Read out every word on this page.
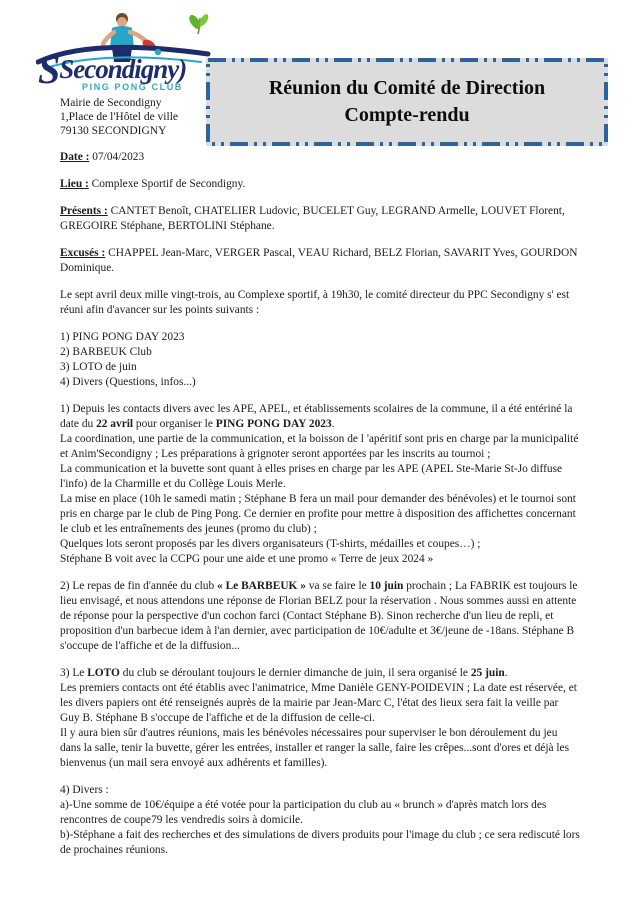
SSecondigny)
PING PONG CLUB
Mairie de Secondigny
1,Place de l'Hôtel de ville
79130 SECONDIGNY
Réunion du Comité de Direction
Compte-rendu

Date : 07/04/2023

Lieu : Complexe Sportif de Secondigny.

Présents : CANTET Benoît, CHATELIER Ludovic, BUCELET Guy, LEGRAND Armelle, LOUVET Florent, GREGOIRE Stéphane, BERTOLINI Stéphane.

Excusés : CHAPPEL Jean-Marc, VERGER Pascal, VEAU Richard, BELZ Florian, SAVARIT Yves, GOURDON Dominique.

Le sept avril deux mille vingt-trois, au Complexe sportif, à 19h30, le comité directeur du PPC Secondigny s' est réuni afin d'avancer sur les points suivants :

1) PING PONG DAY 2023

2) BARBEUK Club

3) LOTO de juin

4) Divers (Questions, infos...)

1) Depuis les contacts divers avec les APE, APEL, et établissements scolaires de la commune, il a été entériné la date du 22 avril pour organiser le PING PONG DAY 2023.

La coordination, une partie de la communication, et la boisson de l 'apéritif sont pris en charge par la municipalité et Anim'Secondigny ; Les préparations à grignoter seront apportées par les inscrits au tournoi ;

La communication et la buvette sont quant à elles prises en charge par les APE (APEL Ste-Marie St-Jo diffuse l'info) de la Charmille et du Collège Louis Merle.

La mise en place (10h le samedi matin ; Stéphane B fera un mail pour demander des bénévoles) et le tournoi sont pris en charge par le club de Ping Pong. Ce dernier en profite pour mettre à disposition des affichettes concernant le club et les entraînements des jeunes (promo du club) ;

Quelques lots seront proposés par les divers organisateurs (T-shirts, médailles et coupes…) ;

Stéphane B voit avec la CCPG pour une aide et une promo « Terre de jeux 2024 »

2) Le repas de fin d'année du club « Le BARBEUK » va se faire le 10 juin prochain ; La FABRIK est toujours le lieu envisagé, et nous attendons une réponse de Florian BELZ pour la réservation . Nous sommes aussi en attente de réponse pour la perspective d'un cochon farci (Contact Stéphane B). Sinon recherche d'un lieu de repli, et proposition d'un barbecue idem à l'an dernier, avec participation de 10€/adulte et 3€/jeune de -18ans. Stéphane B s'occupe de l'affiche et de la diffusion...

3) Le LOTO du club se déroulant toujours le dernier dimanche de juin, il sera organisé le 25 juin.

Les premiers contacts ont été établis avec l'animatrice, Mme Danièle GENY-POIDEVIN ; La date est réservée, et les divers papiers ont été renseignés auprès de la mairie par Jean-Marc C, l'état des lieux sera fait la veille par Guy B. Stéphane B s'occupe de l'affiche et de la diffusion de celle-ci.

Il y aura bien sûr d'autres réunions, mais les bénévoles nécessaires pour superviser le bon déroulement du jeu dans la salle, tenir la buvette, gérer les entrées, installer et ranger la salle, faire les crêpes...sont d'ores et déjà les bienvenus (un mail sera envoyé aux adhérents et familles).

4) Divers :

a)-Une somme de 10€/équipe a été votée pour la participation du club au « brunch » d'après match lors des rencontres de coupe79 les vendredis soirs à domicile.

b)-Stéphane a fait des recherches et des simulations de divers produits pour l'image du club ; ce sera rediscuté lors de prochaines réunions.
